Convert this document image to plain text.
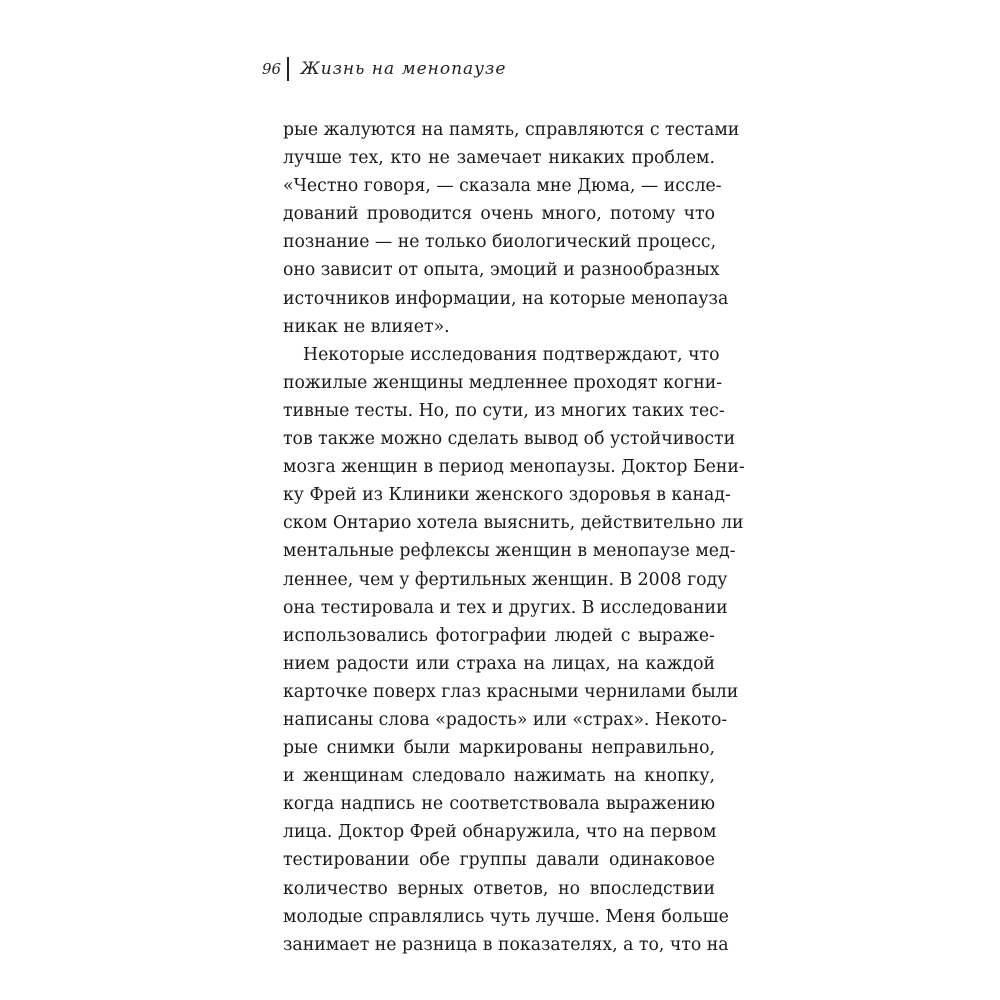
96 Жизнь на менопаузе
рые жалуются на память, справляются с тестами
лучше тех, кто не замечает никаких проблем.
«Честно говоря, — сказала мне Дюма, — иссле-
дований проводится очень много, потому что
познание — не только биологический процесс,
оно зависит от опыта, эмоций и разнообразных
источников информации, на которые менопауза
никак не влияет».
Некоторые исследования подтверждают, что
пожилые женщины медленнее проходят когни-
тивные тесты. Но, по сути, из многих таких тес-
тов также можно сделать вывод об устойчивости
мозга женщин в период менопаузы. Доктор Бени-
ку Фрей из Клиники женского здоровья в канад-
ском Онтарио хотела выяснить, действительно ли
ментальные рефлексы женщин в менопаузе мед-
леннее, чем у фертильных женщин. В 2008 году
она тестировала и тех и других. В исследовании
использовались фотографии людей с выраже-
нием радости или страха на лицах, на каждой
карточке поверх глаз красными чернилами были
написаны слова «радость» или «страх». Некото-
рые снимки были маркированы неправильно,
и женщинам следовало нажимать на кнопку,
когда надпись не соответствовала выражению
лица. Доктор Фрей обнаружила, что на первом
тестировании обе группы давали одинаковое
количество верных ответов, но впоследствии
молодые справлялись чуть лучше. Меня больше
занимает не разница в показателях, а то, что на
